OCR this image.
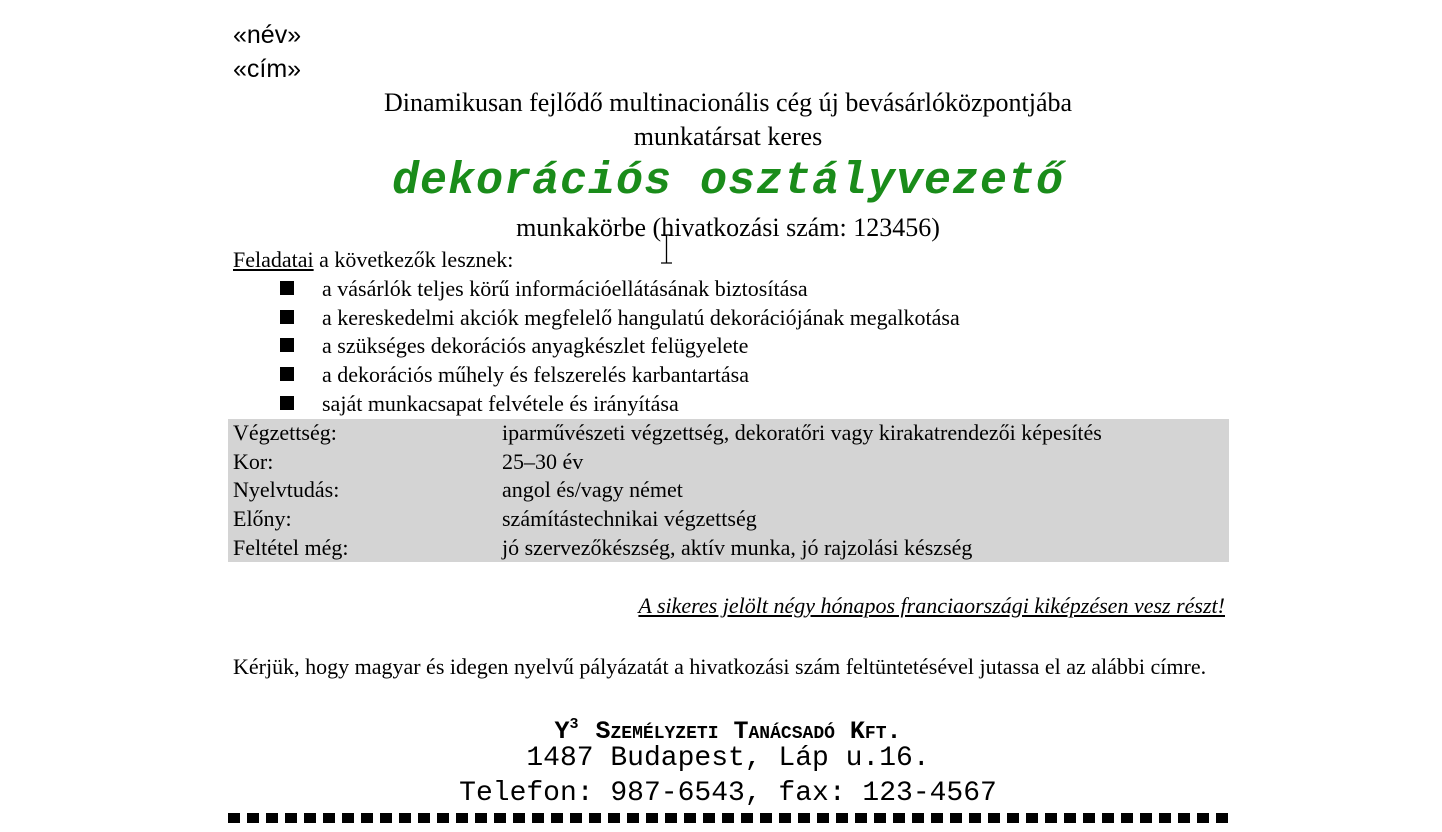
«név»
«cím»
Dinamikusan fejlődő multinacionális cég új bevásárlóközpontjába
munkatársat keres
dekorációs osztályvezető
munkakörbe (hivatkozási szám: 123456)
Feladatai a következők lesznek:
a vásárlók teljes körű információellátásának biztosítása
a kereskedelmi akciók megfelelő hangulatú dekorációjának megalkotása
a szükséges dekorációs anyagkészlet felügyelete
a dekorációs műhely és felszerelés karbantartása
saját munkacsapat felvétele és irányítása
Végzettség:	iparművészeti végzettség, dekoratőri vagy kirakatrendezői képesítés
Kor:	25–30 év
Nyelvtudás:	angol és/vagy német
Előny:	számítástechnikai végzettség
Feltétel még:	jó szervezőkészség, aktív munka, jó rajzolási készség
A sikeres jelölt négy hónapos franciaországi kiképzésen vesz részt!
Kérjük, hogy magyar és idegen nyelvű pályázatát a hivatkozási szám feltüntetésével jutassa el az alábbi címre.
$Y^3$ Személyzeti Tanácsadó Kft.
1487 Budapest, Láp u.16.
Telefon: 987-6543, fax: 123-4567
